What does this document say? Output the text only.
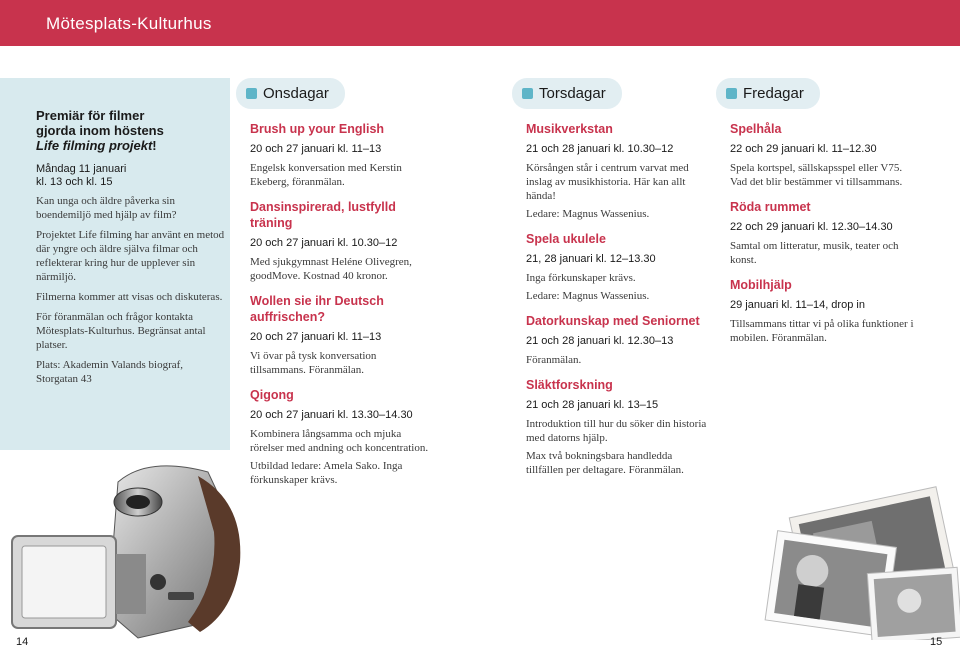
Mötesplats-Kulturhus
Premiär för filmer
gjorda inom höstens
Life filming projekt!
Måndag 11 januari
kl. 13 och kl. 15

Kan unga och äldre påverka sin boendemiljö med hjälp av film?

Projektet Life filming har använt en metod där yngre och äldre själva filmar och reflekterar kring hur de upplever sin närmiljö.

Filmerna kommer att visas och diskuteras.

För föranmälan och frågor kontakta Mötesplats-Kulturhus. Begränsat antal platser.

Plats: Akademin Valands biograf, Storgatan 43

Onsdagar
Brush up your English
20 och 27 januari kl. 11–13

Engelsk konversation med Kerstin Ekeberg, föranmälan.

Dansinspirerad, lustfylld träning
20 och 27 januari kl. 10.30–12

Med sjukgymnast Heléne Olivegren, goodMove. Kostnad 40 kronor.

Wollen sie ihr Deutsch auffrischen?
20 och 27 januari kl. 11–13

Vi övar på tysk konversation tillsammans. Föranmälan.

Qigong
20 och 27 januari kl. 13.30–14.30

Kombinera långsamma och mjuka rörelser med andning och koncentration.

Utbildad ledare: Amela Sako. Inga förkunskaper krävs.

Torsdagar
Musikverkstan
21 och 28 januari kl. 10.30–12

Körsången står i centrum varvat med inslag av musikhistoria. Här kan allt hända!

Ledare: Magnus Wassenius.

Spela ukulele
21, 28 januari kl. 12–13.30

Inga förkunskaper krävs.

Ledare: Magnus Wassenius.

Datorkunskap med Seniornet
21 och 28 januari kl. 12.30–13

Föranmälan.

Släktforskning
21 och 28 januari kl. 13–15

Introduktion till hur du söker din historia med datorns hjälp.

Max två bokningsbara handledda tillfällen per deltagare. Föranmälan.

Fredagar
Spelhåla
22 och 29 januari kl. 11–12.30

Spela kortspel, sällskapsspel eller V75. Vad det blir bestämmer vi tillsammans.

Röda rummet
22 och 29 januari kl. 12.30–14.30

Samtal om litteratur, musik, teater och konst.

Mobilhjälp
29 januari kl. 11–14, drop in

Tillsammans tittar vi på olika funktioner i mobilen. Föranmälan.

14	15
